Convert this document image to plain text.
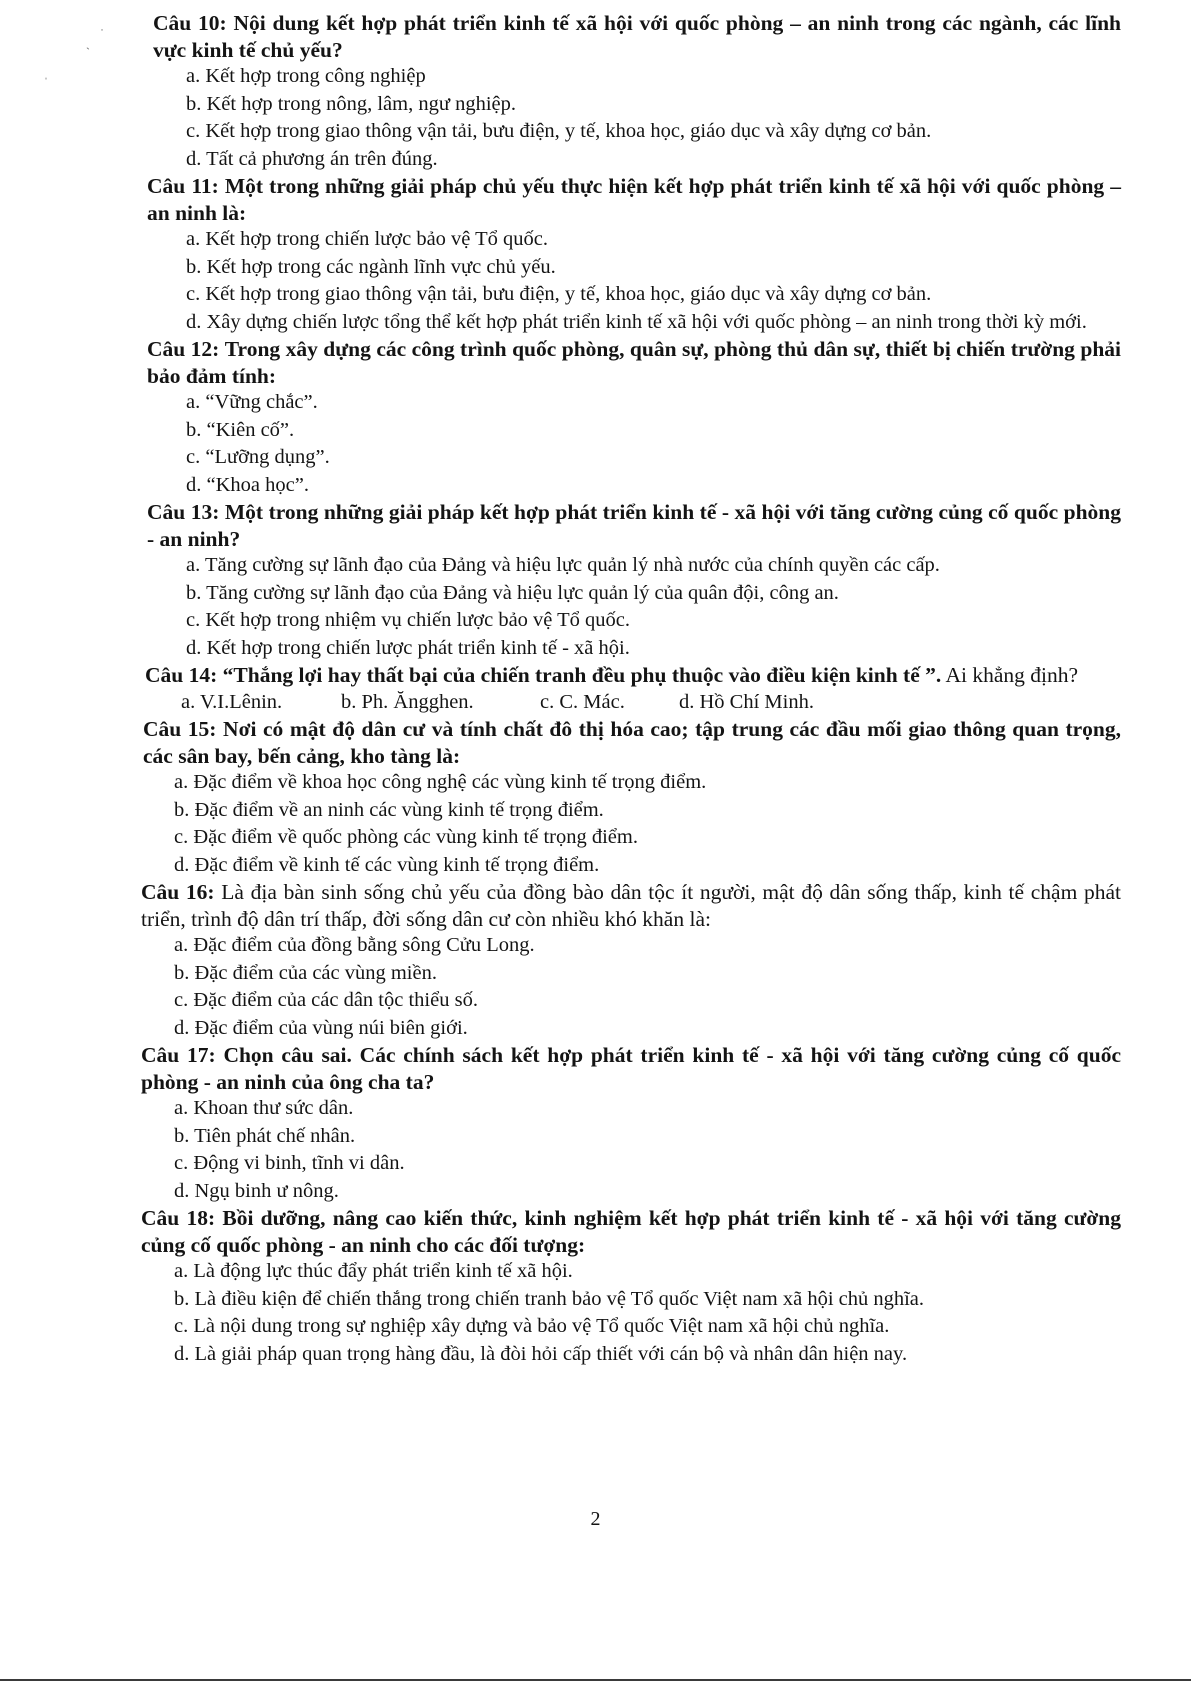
ˎ
˙
ˌ

Câu 10: Nội dung kết hợp phát triển kinh tế xã hội với quốc phòng – an ninh trong các ngành, các lĩnh vực kinh tế chủ yếu?

a. Kết hợp trong công nghiệp

b. Kết hợp trong nông, lâm, ngư nghiệp.

c. Kết hợp trong giao thông vận tải, bưu điện, y tế, khoa học, giáo dục và xây dựng cơ bản.

d. Tất cả phương án trên đúng.

Câu 11: Một trong những giải pháp chủ yếu thực hiện kết hợp phát triển kinh tế xã hội với quốc phòng – an ninh là:

a. Kết hợp trong chiến lược bảo vệ Tổ quốc.

b. Kết hợp trong các ngành lĩnh vực chủ yếu.

c. Kết hợp trong giao thông vận tải, bưu điện, y tế, khoa học, giáo dục và xây dựng cơ bản.

d. Xây dựng chiến lược tổng thể kết hợp phát triển kinh tế xã hội với quốc phòng – an ninh trong thời kỳ mới.

Câu 12: Trong xây dựng các công trình quốc phòng, quân sự, phòng thủ dân sự, thiết bị chiến trường phải bảo đảm tính:

a. “Vững chắc”.

b. “Kiên cố”.

c. “Lưỡng dụng”.

d. “Khoa học”.

Câu 13: Một trong những giải pháp kết hợp phát triển kinh tế - xã hội với tăng cường củng cố quốc phòng - an ninh?

a. Tăng cường sự lãnh đạo của Đảng và hiệu lực quản lý nhà nước của chính quyền các cấp.

b. Tăng cường sự lãnh đạo của Đảng và hiệu lực quản lý của quân đội, công an.

c. Kết hợp trong nhiệm vụ chiến lược bảo vệ Tổ quốc.

d. Kết hợp trong chiến lược phát triển kinh tế - xã hội.

Câu 14: “Thắng lợi hay thất bại của chiến tranh đều phụ thuộc vào điều kiện kinh tế ”. Ai khẳng định?

a. V.I.Lênin.	b. Ph. Ăngghen.	c. C. Mác.	d. Hồ Chí Minh.

Câu 15: Nơi có mật độ dân cư và tính chất đô thị hóa cao; tập trung các đầu mối giao thông quan trọng, các sân bay, bến cảng, kho tàng là:

a. Đặc điểm về khoa học công nghệ các vùng kinh tế trọng điểm.

b. Đặc điểm về an ninh các vùng kinh tế trọng điểm.

c. Đặc điểm về quốc phòng các vùng kinh tế trọng điểm.

d. Đặc điểm về kinh tế các vùng kinh tế trọng điểm.

Câu 16: Là địa bàn sinh sống chủ yếu của đồng bào dân tộc ít người, mật độ dân sống thấp, kinh tế chậm phát triển, trình độ dân trí thấp, đời sống dân cư còn nhiều khó khăn là:

a. Đặc điểm của đồng bằng sông Cửu Long.

b. Đặc điểm của các vùng miền.

c. Đặc điểm của các dân tộc thiểu số.

d. Đặc điểm của vùng núi biên giới.

Câu 17: Chọn câu sai. Các chính sách kết hợp phát triển kinh tế - xã hội với tăng cường củng cố quốc phòng - an ninh của ông cha ta?

a. Khoan thư sức dân.

b. Tiên phát chế nhân.

c. Động vi binh, tĩnh vi dân.

d. Ngụ binh ư nông.

Câu 18: Bồi dưỡng, nâng cao kiến thức, kinh nghiệm kết hợp phát triển kinh tế - xã hội với tăng cường củng cố quốc phòng - an ninh cho các đối tượng:

a. Là động lực thúc đẩy phát triển kinh tế xã hội.

b. Là điều kiện để chiến thắng trong chiến tranh bảo vệ Tổ quốc Việt nam xã hội chủ nghĩa.

c. Là nội dung trong sự nghiệp xây dựng và bảo vệ Tổ quốc Việt nam xã hội chủ nghĩa.

d. Là giải pháp quan trọng hàng đầu, là đòi hỏi cấp thiết với cán bộ và nhân dân hiện nay.

2
